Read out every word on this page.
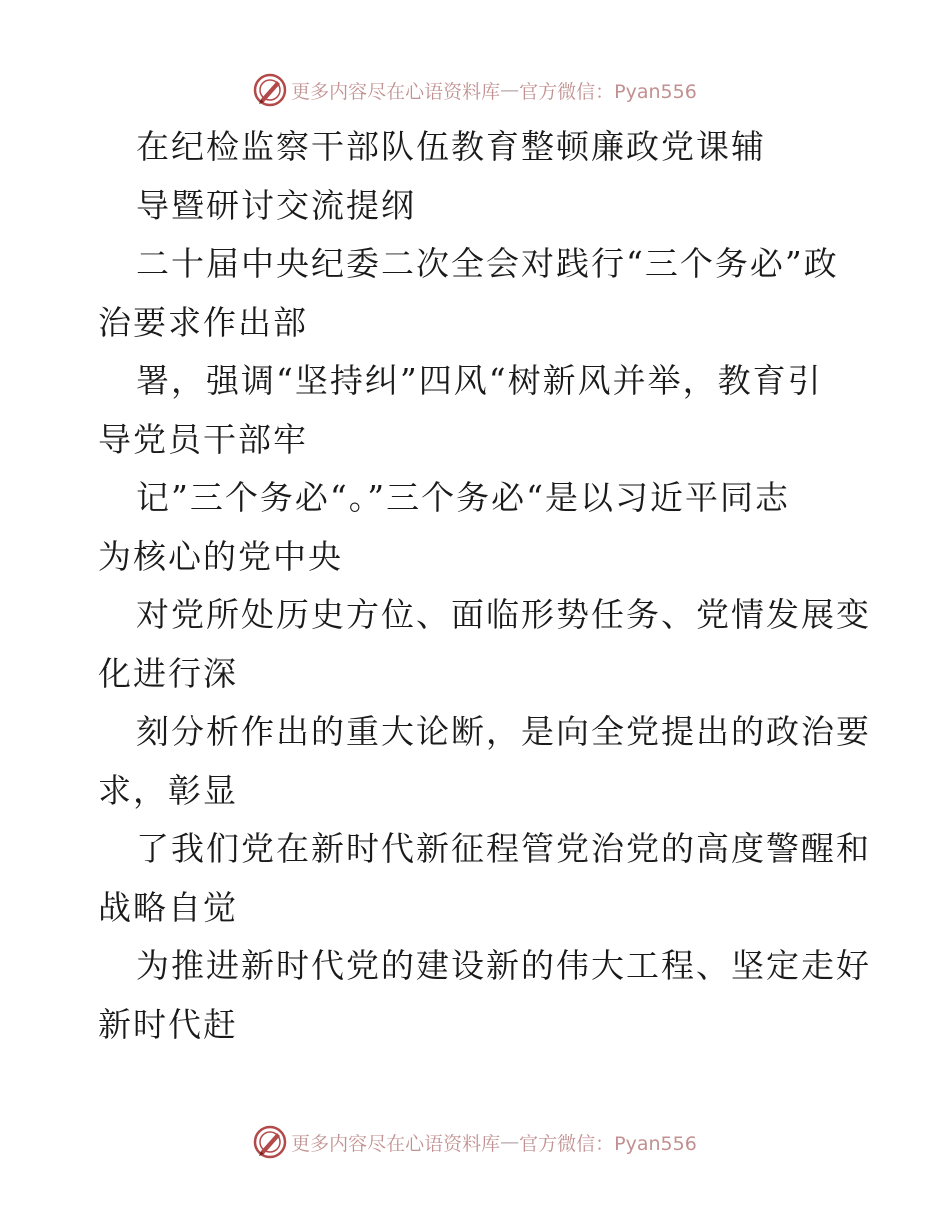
更多内容尽在心语资料库 — 官方微信：Pyan556
在纪检监察干部队伍教育整顿廉政党课辅
导暨研讨交流提纲
二十届中央纪委二次全会对践行“三个务必”政
治要求作出部
署，强调“坚持纠”四风“树新风并举，教育引
导党员干部牢
记”三个务必“。”三个务必“是以习近平同志
为核心的党中央
对党所处历史方位、面临形势任务、党情发展变
化进行深
刻分析作出的重大论断，是向全党提出的政治要
求，彰显
了我们党在新时代新征程管党治党的高度警醒和
战略自觉
为推进新时代党的建设新的伟大工程、坚定走好
新时代赶
更多内容尽在心语资料库 — 官方微信：Pyan556
